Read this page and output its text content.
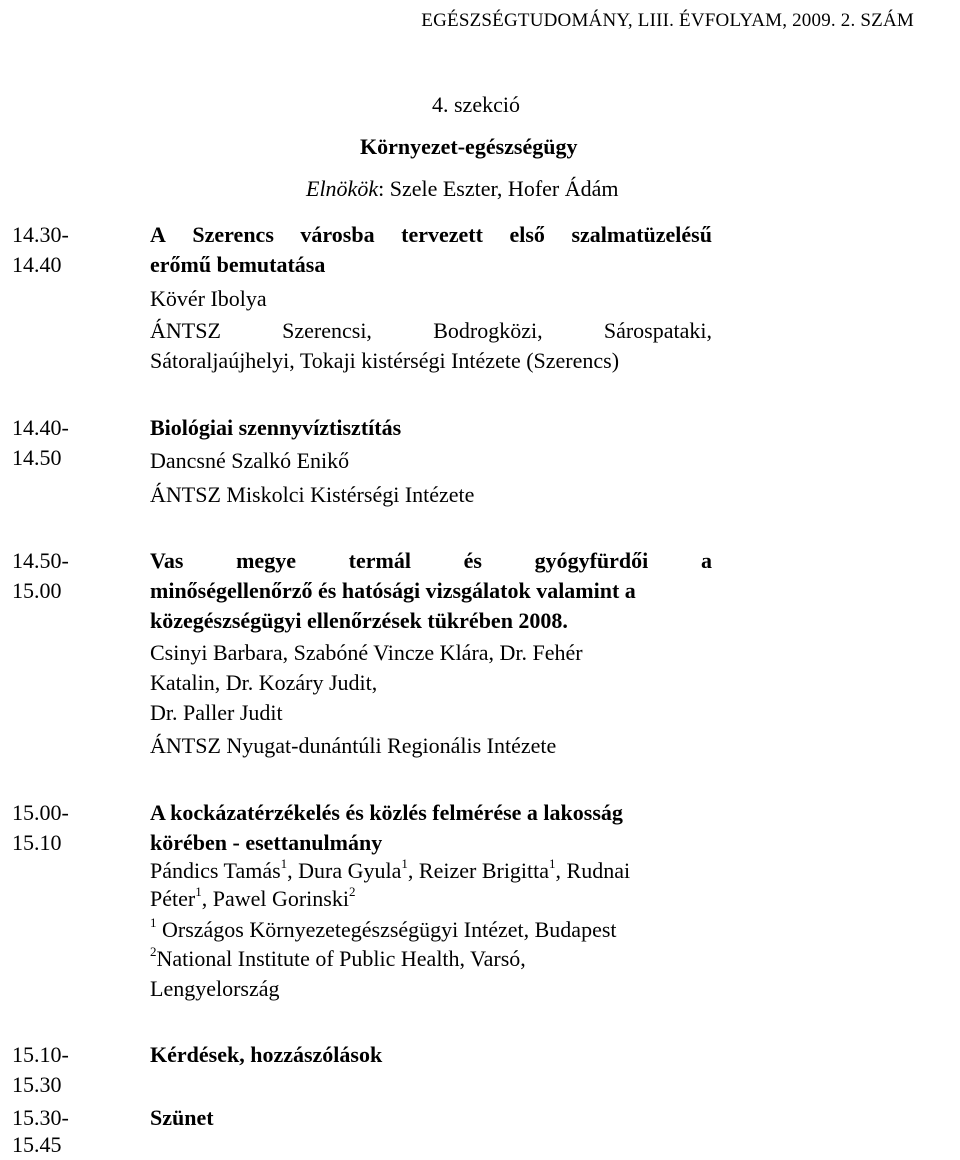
EGÉSZSÉGTUDOMÁNY, LIII. ÉVFOLYAM, 2009. 2. SZÁM
4. szekció
Környezet-egészségügy
Elnökök: Szele Eszter, Hofer Ádám
14.30-
14.40
A Szerencs városba tervezett első szalmatüzelésű
erőmű bemutatása
Kövér Ibolya
ÁNTSZ	Szerencsi,	Bodrogközi,	Sárospataki,
Sátoraljaújhelyi, Tokaji kistérségi Intézete (Szerencs)
14.40-
14.50
Biológiai szennyvíztisztítás
Dancsné Szalkó Enikő
ÁNTSZ Miskolci Kistérségi Intézete
14.50-
15.00
Vas megye termál és gyógyfürdői a
minőségellenőrző és hatósági vizsgálatok valamint a
közegészségügyi ellenőrzések tükrében 2008.
Csinyi Barbara, Szabóné Vincze Klára, Dr. Fehér
Katalin, Dr. Kozáry Judit,
Dr. Paller Judit
ÁNTSZ Nyugat-dunántúli Regionális Intézete
15.00-
15.10
A kockázatérzékelés és közlés felmérése a lakosság
körében - esettanulmány
Pándics Tamás$^1$, Dura Gyula$^1$, Reizer Brigitta$^1$, Rudnai
Péter$^1$, Pawel Gorinski$^2$
$^1$ Országos Környezetegészségügyi Intézet, Budapest
$^2$National Institute of Public Health, Varsó,
Lengyelország
15.10-
15.30
Kérdések, hozzászólások
15.30-
15.45
Szünet
